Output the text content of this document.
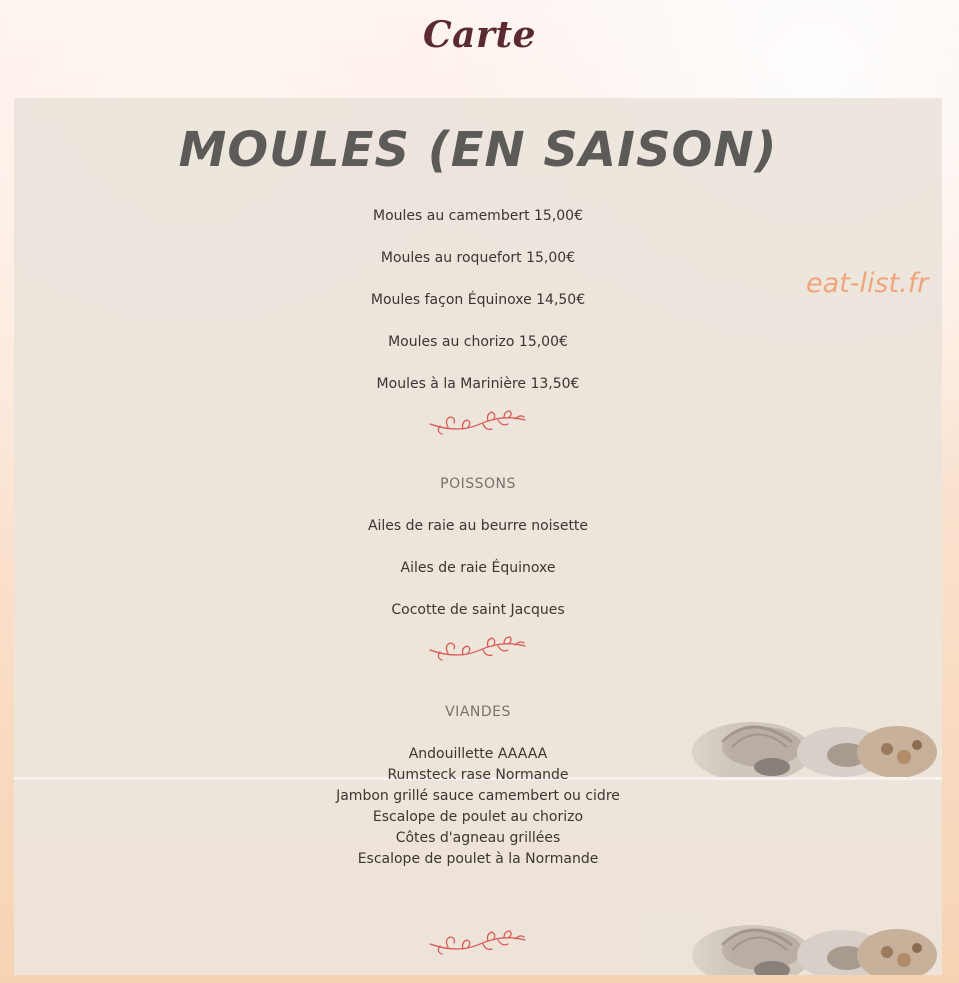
Carte
eat-list.fr
MOULES (EN SAISON)
Moules au camembert 15,00€
Moules au roquefort 15,00€
Moules façon Équinoxe 14,50€
Moules au chorizo 15,00€
Moules à la Marinière 13,50€
POISSONS
Ailes de raie au beurre noisette
Ailes de raie Équinoxe
Cocotte de saint Jacques
VIANDES
Andouillette AAAAA
Rumsteck rase Normande
Jambon grillé sauce camembert ou cidre
Escalope de poulet au chorizo
Côtes d'agneau grillées
Escalope de poulet à la Normande
